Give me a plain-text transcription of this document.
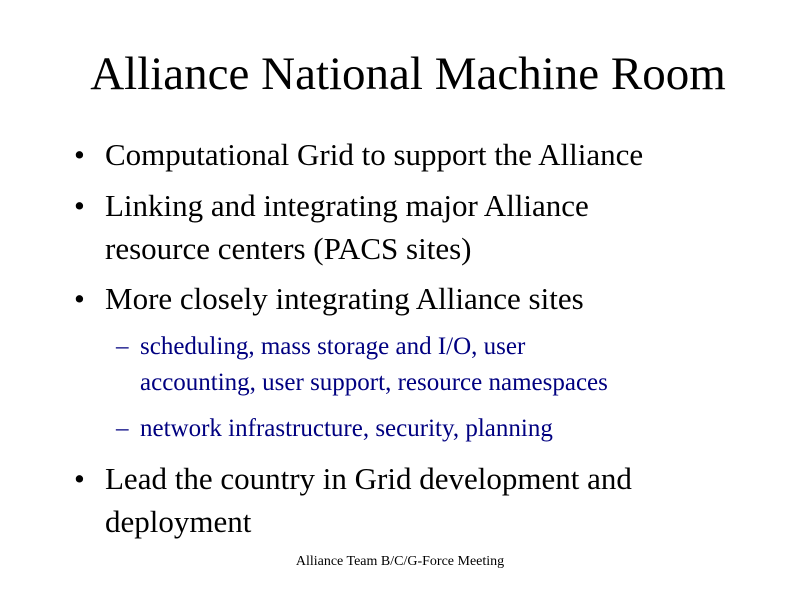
Alliance National Machine Room
• Computational Grid to support the Alliance
• Linking and integrating major Alliance
resource centers (PACS sites)
• More closely integrating Alliance sites
– scheduling, mass storage and I/O, user
accounting, user support, resource namespaces
– network infrastructure, security, planning
• Lead the country in Grid development and
deployment
Alliance Team B/C/G-Force Meeting
